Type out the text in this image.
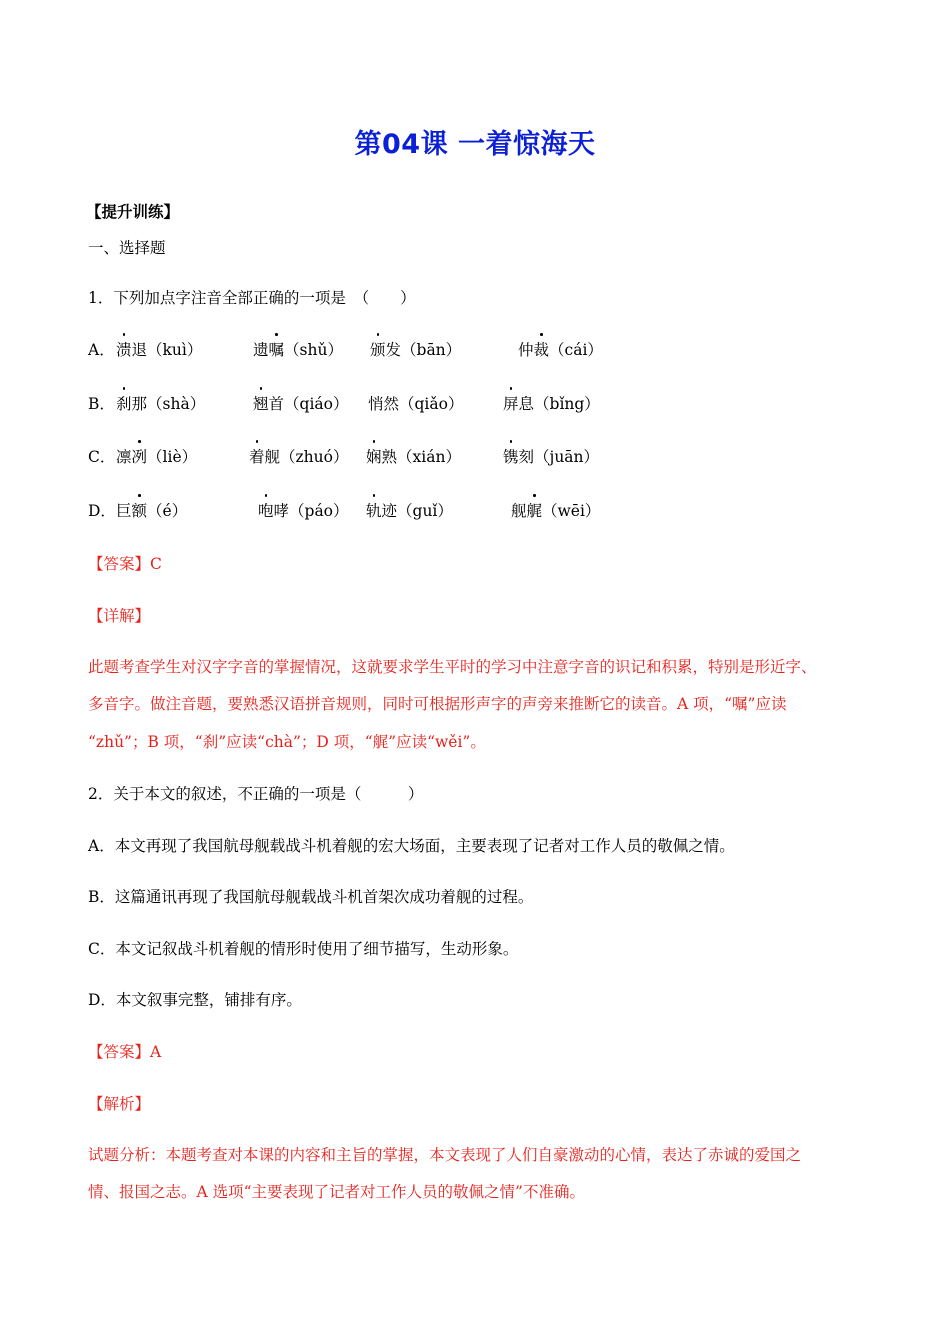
第04课 一着惊海天
【提升训练】
一、选择题
1．下列加点字注音全部正确的一项是　（　　）
A． 溃退（kuì）	遗嘱（shǔ） 颁发（bān）	仲裁（cái）
B． 刹那（shà）	翘首（qiáo） 悄然（qiǎo）	屏息（bǐng）
C． 凛冽（liè）	着舰（zhuó） 娴熟（xián）	镌刻（juān）
D． 巨额（é）	咆哮（páo） 轨迹（guǐ）	舰艉（wēi）
【答案】C
【详解】
此题考查学生对汉字字音的掌握情况，这就要求学生平时的学习中注意字音的识记和积累，特别是形近字、
多音字。做注音题，要熟悉汉语拼音规则，同时可根据形声字的声旁来推断它的读音。A 项，“嘱”应读
“zhǔ”；B 项，“刹”应读“chà”；D 项，“艉”应读“wěi”。
2．关于本文的叙述，不正确的一项是（　　　）
A．本文再现了我国航母舰载战斗机着舰的宏大场面，主要表现了记者对工作人员的敬佩之情。
B．这篇通讯再现了我国航母舰载战斗机首架次成功着舰的过程。
C．本文记叙战斗机着舰的情形时使用了细节描写，生动形象。
D．本文叙事完整，铺排有序。
【答案】A
【解析】
试题分析：本题考查对本课的内容和主旨的掌握，本文表现了人们自豪激动的心情，表达了赤诚的爱国之
情、报国之志。A 选项“主要表现了记者对工作人员的敬佩之情”不准确。
